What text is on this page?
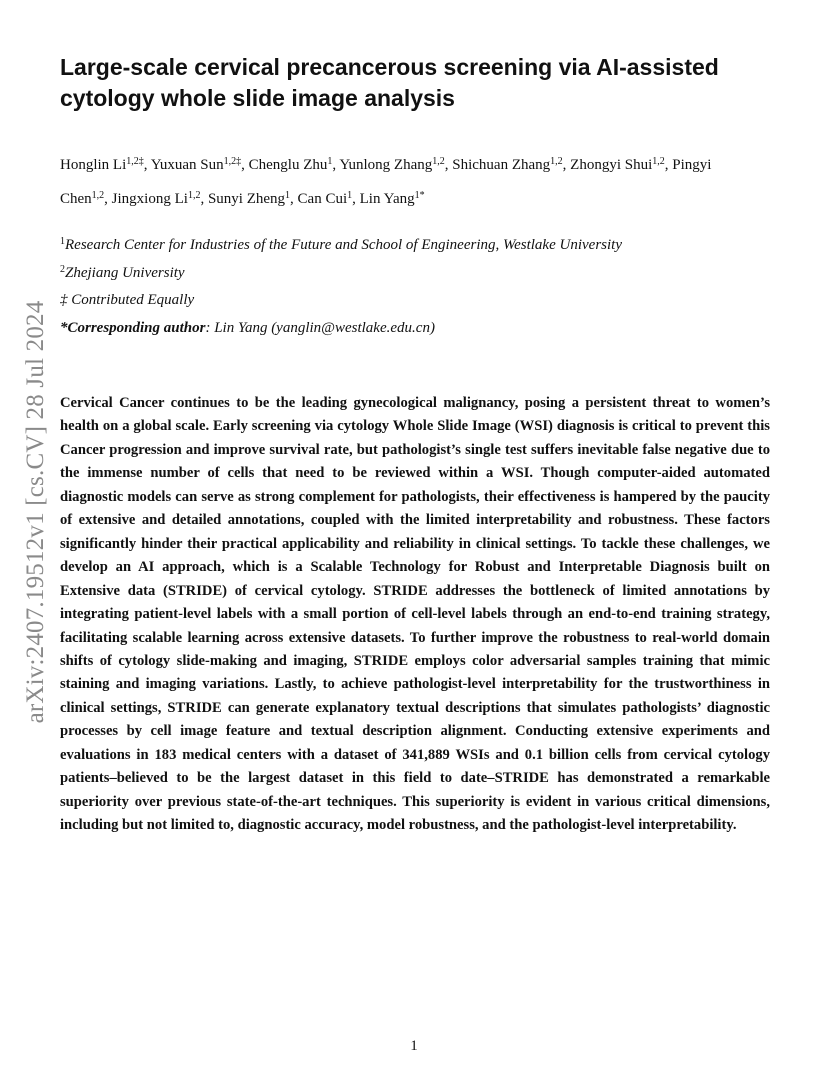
Large-scale cervical precancerous screening via AI-assisted cytology whole slide image analysis
Honglin $Li^{1,2\ddagger}$, Yuxuan Sun$^{1,2\ddagger}$, Chenglu Zhu$^1$, Yunlong Zhang$^{1,2}$, Shichuan Zhang$^{1,2}$, Zhongyi Shui$^{1,2}$, Pingyi
Chen$^{1,2}$, Jingxiong Li$^{1,2}$, Sunyi Zheng$^1$, Can Cui$^1$, Lin Yang$^{1*}$
$^1$Research Center for Industries of the Future and School of Engineering, Westlake University
$^2$Zhejiang University
‡ Contributed Equally
*Corresponding author: Lin Yang (yanglin@westlake.edu.cn)

Cervical Cancer continues to be the leading gynecological malignancy, posing a persistent threat to women’s health on a global scale. Early screening via cytology Whole Slide Image (WSI) diagnosis is critical to prevent this Cancer progression and improve survival rate, but pathologist’s single test suffers inevitable false negative due to the immense number of cells that need to be reviewed within a WSI. Though computer-aided automated diagnostic models can serve as strong complement for pathologists, their effectiveness is hampered by the paucity of extensive and detailed annotations, coupled with the limited interpretability and robustness. These factors significantly hinder their practical applicability and reliability in clinical settings. To tackle these challenges, we develop an AI approach, which is a Scalable Technology for Robust and Interpretable Diagnosis built on Extensive data (STRIDE) of cervical cytology. STRIDE addresses the bottleneck of limited annotations by integrating patient-level labels with a small portion of cell-level labels through an end-to-end training strategy, facilitating scalable learning across extensive datasets. To further improve the robustness to real-world domain shifts of cytology slide-making and imaging, STRIDE employs color adversarial samples training that mimic staining and imaging variations. Lastly, to achieve pathologist-level interpretability for the trustworthiness in clinical settings, STRIDE can generate explanatory textual descriptions that simulates pathologists’ diagnostic processes by cell image feature and textual description alignment. Conducting extensive experiments and evaluations in 183 medical centers with a dataset of 341,889 WSIs and 0.1 billion cells from cervical cytology patients–believed to be the largest dataset in this field to date–STRIDE has demonstrated a remarkable superiority over previous state-of-the-art techniques. This superiority is evident in various critical dimensions, including but not limited to, diagnostic accuracy, model robustness, and the pathologist-level interpretability.

arXiv:2407.19512v1 [cs.CV] 28 Jul 2024
1
